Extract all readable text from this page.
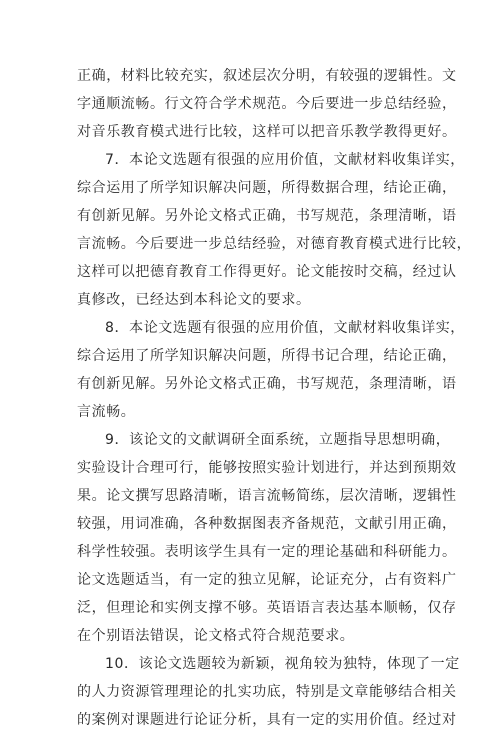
正确，材料比较充实，叙述层次分明，有较强的逻辑性。文
字通顺流畅。行文符合学术规范。今后要进一步总结经验，
对音乐教育模式进行比较，这样可以把音乐教学教得更好。
7．本论文选题有很强的应用价值，文献材料收集详实，
综合运用了所学知识解决问题，所得数据合理，结论正确，
有创新见解。另外论文格式正确，书写规范，条理清晰，语
言流畅。今后要进一步总结经验，对德育教育模式进行比较，
这样可以把德育教育工作得更好。论文能按时交稿，经过认
真修改，已经达到本科论文的要求。
8．本论文选题有很强的应用价值，文献材料收集详实，
综合运用了所学知识解决问题，所得书记合理，结论正确，
有创新见解。另外论文格式正确，书写规范，条理清晰，语
言流畅。
9．该论文的文献调研全面系统，立题指导思想明确，
实验设计合理可行，能够按照实验计划进行，并达到预期效
果。论文撰写思路清晰，语言流畅简练，层次清晰，逻辑性
较强，用词准确，各种数据图表齐备规范，文献引用正确，
科学性较强。表明该学生具有一定的理论基础和科研能力。
论文选题适当，有一定的独立见解，论证充分，占有资料广
泛，但理论和实例支撑不够。英语语言表达基本顺畅，仅存
在个别语法错误，论文格式符合规范要求。
10．该论文选题较为新颖，视角较为独特，体现了一定
的人力资源管理理论的扎实功底，特别是文章能够结合相关
的案例对课题进行论证分析，具有一定的实用价值。经过对
